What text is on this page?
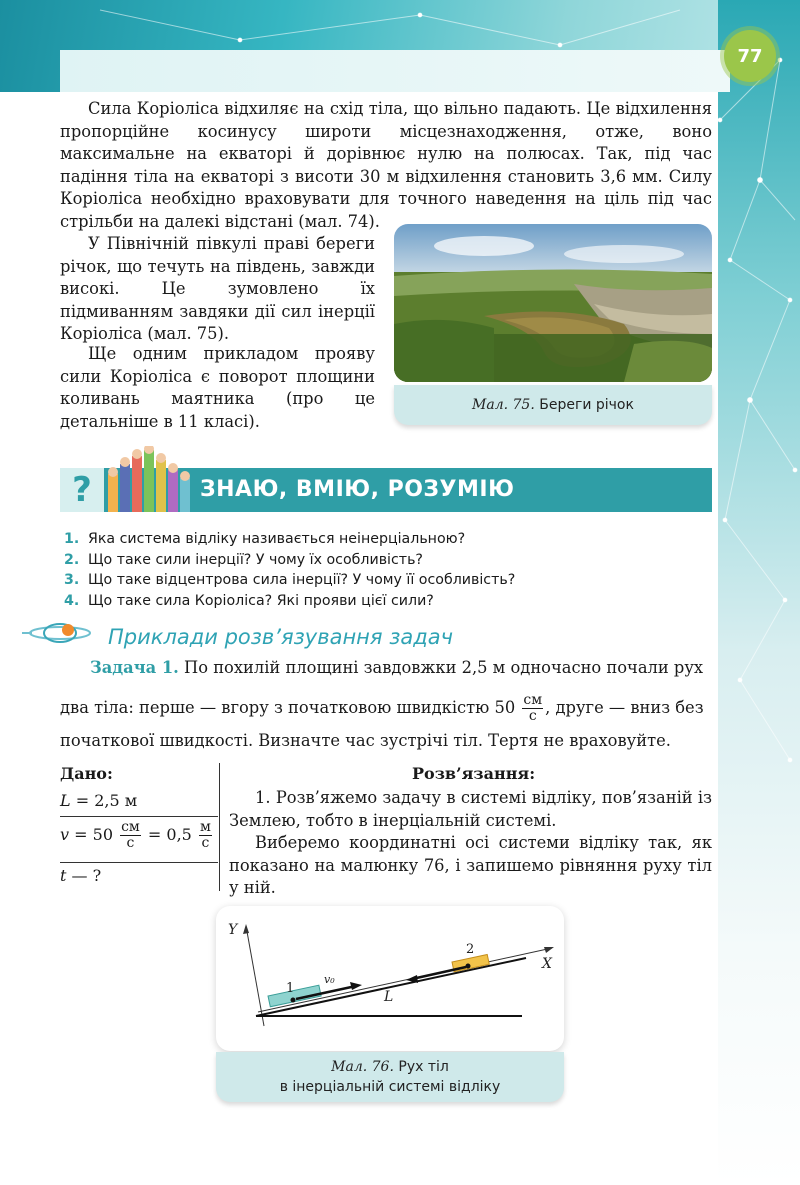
77

Сила Коріоліса відхиляє на схід тіла, що вільно падають. Це відхилення пропорційне косинусу широти місцезнаходження, отже, воно максимальне на екваторі й дорівнює нулю на полюсах. Так, під час падіння тіла на екваторі з висоти 30 м відхилення становить 3,6 мм. Силу Коріоліса необхідно враховувати для точного наведення на ціль під час стрільби на далекі відстані (мал. 74).

У Північній півкулі праві береги річок, що течуть на південь, завжди високі. Це зумовлено їх підмиванням завдяки дії сил інерції Коріоліса (мал. 75).

Ще одним прикладом прояву сили Коріоліса є поворот площини коливань маятника (про це детальніше в 11 класі).

Мал. 75. Береги річок
?	ЗНАЮ, ВМІЮ, РОЗУМІЮ
1. Яка система відліку називається неінерціальною?
2. Що таке сили інерції? У чому їх особливість?
3. Що таке відцентрова сила інерції? У чому її особливість?
4. Що таке сила Коріоліса? Які прояви цієї сили?
Приклади розв’язування задач
Задача 1. По похилій площині завдовжки 2,5 м одночасно почали рух
два тіла: перше — вгору з початковою швидкістю $50 \frac{см}{с}$ , друге — вниз без
початкової швидкості. Визначте час зустрічі тіл. Тертя не враховуйте.
Дано:
L = 2,5 м
$v = 50 \frac{см}{с} = 0,5 \frac{м}{с}$
t — ?
Розв’язання:

1. Розв’яжемо задачу в системі відліку, пов’язаній із Землею, тобто в інерціальній системі.

Виберемо координатні осі системи відліку так, як показано на малюнку 76, і запишемо рівняння руху тіл у ній.

Y
X
1
2
v₀
L
Мал. 76. Рух тіл
в інерціальній системі відліку
